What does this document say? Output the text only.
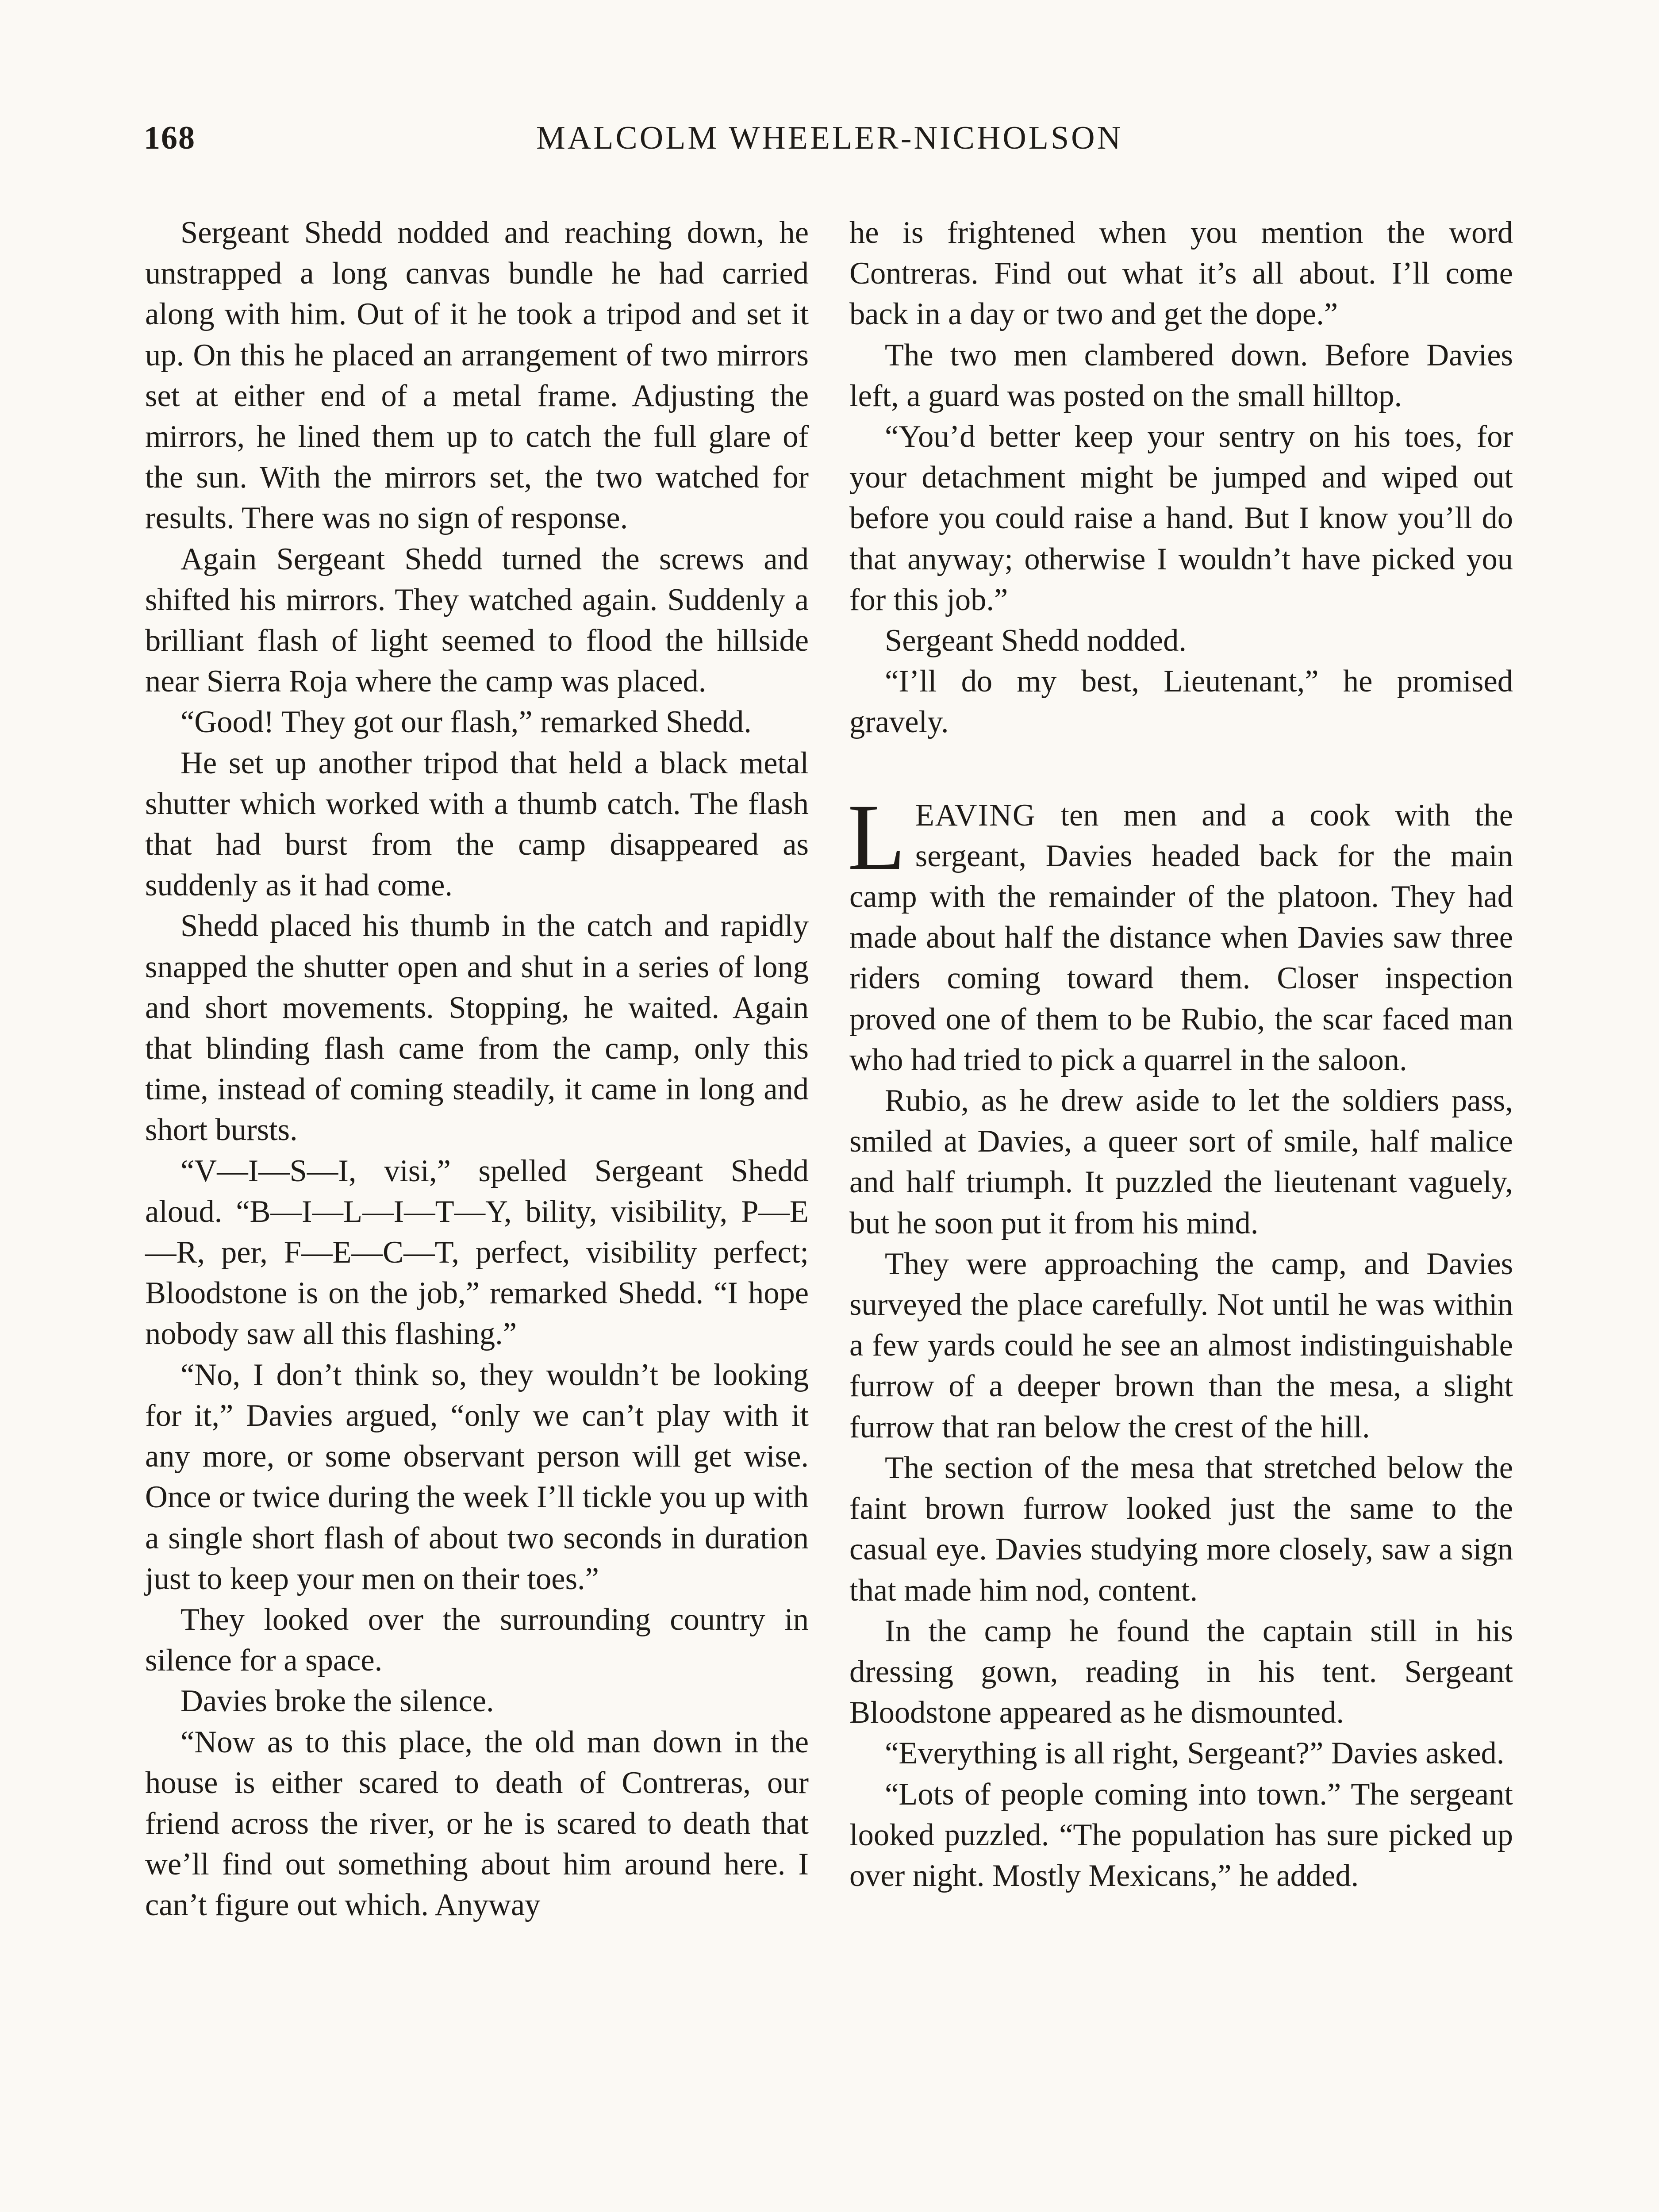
168	MALCOLM WHEELER-NICHOLSON

Sergeant Shedd nodded and reaching down, he unstrapped a long canvas bundle he had carried along with him. Out of it he took a tripod and set it up. On this he placed an arrangement of two mirrors set at either end of a metal frame. Adjusting the mirrors, he lined them up to catch the full glare of the sun. With the mirrors set, the two watched for results. There was no sign of response.

Again Sergeant Shedd turned the screws and shifted his mirrors. They watched again. Suddenly a brilliant flash of light seemed to flood the hillside near Sierra Roja where the camp was placed.

“Good! They got our flash,” remarked Shedd.

He set up another tripod that held a black metal shutter which worked with a thumb catch. The flash that had burst from the camp disappeared as suddenly as it had come.

Shedd placed his thumb in the catch and rapidly snapped the shutter open and shut in a series of long and short movements. Stopping, he waited. Again that blinding flash came from the camp, only this time, instead of coming steadily, it came in long and short bursts.

“V—I—S—I, visi,” spelled Sergeant Shedd aloud. “B—I—L—I—T—Y, bility, visibility, P—E—R, per, F—E—C—T, perfect, visibility perfect; Bloodstone is on the job,” remarked Shedd. “I hope nobody saw all this flashing.”

“No, I don’t think so, they wouldn’t be looking for it,” Davies argued, “only we can’t play with it any more, or some observant person will get wise. Once or twice during the week I’ll tickle you up with a single short flash of about two seconds in duration just to keep your men on their toes.”

They looked over the surrounding country in silence for a space.

Davies broke the silence.

“Now as to this place, the old man down in the house is either scared to death of Contreras, our friend across the river, or he is scared to death that we’ll find out something about him around here. I can’t figure out which. Anyway

he is frightened when you mention the word Contreras. Find out what it’s all about. I’ll come back in a day or two and get the dope.”

The two men clambered down. Before Davies left, a guard was posted on the small hilltop.

“You’d better keep your sentry on his toes, for your detachment might be jumped and wiped out before you could raise a hand. But I know you’ll do that anyway; otherwise I wouldn’t have picked you for this job.”

Sergeant Shedd nodded.

“I’ll do my best, Lieutenant,” he promised gravely.

LEAVING ten men and a cook with the sergeant, Davies headed back for the main camp with the remainder of the platoon. They had made about half the distance when Davies saw three riders coming toward them. Closer inspection proved one of them to be Rubio, the scar faced man who had tried to pick a quarrel in the saloon.

Rubio, as he drew aside to let the soldiers pass, smiled at Davies, a queer sort of smile, half malice and half triumph. It puzzled the lieutenant vaguely, but he soon put it from his mind.

They were approaching the camp, and Davies surveyed the place carefully. Not until he was within a few yards could he see an almost indistinguishable furrow of a deeper brown than the mesa, a slight furrow that ran below the crest of the hill.

The section of the mesa that stretched below the faint brown furrow looked just the same to the casual eye. Davies studying more closely, saw a sign that made him nod, content.

In the camp he found the captain still in his dressing gown, reading in his tent. Sergeant Bloodstone appeared as he dismounted.

“Everything is all right, Sergeant?” Davies asked.

“Lots of people coming into town.” The sergeant looked puzzled. “The population has sure picked up over night. Mostly Mexicans,” he added.
